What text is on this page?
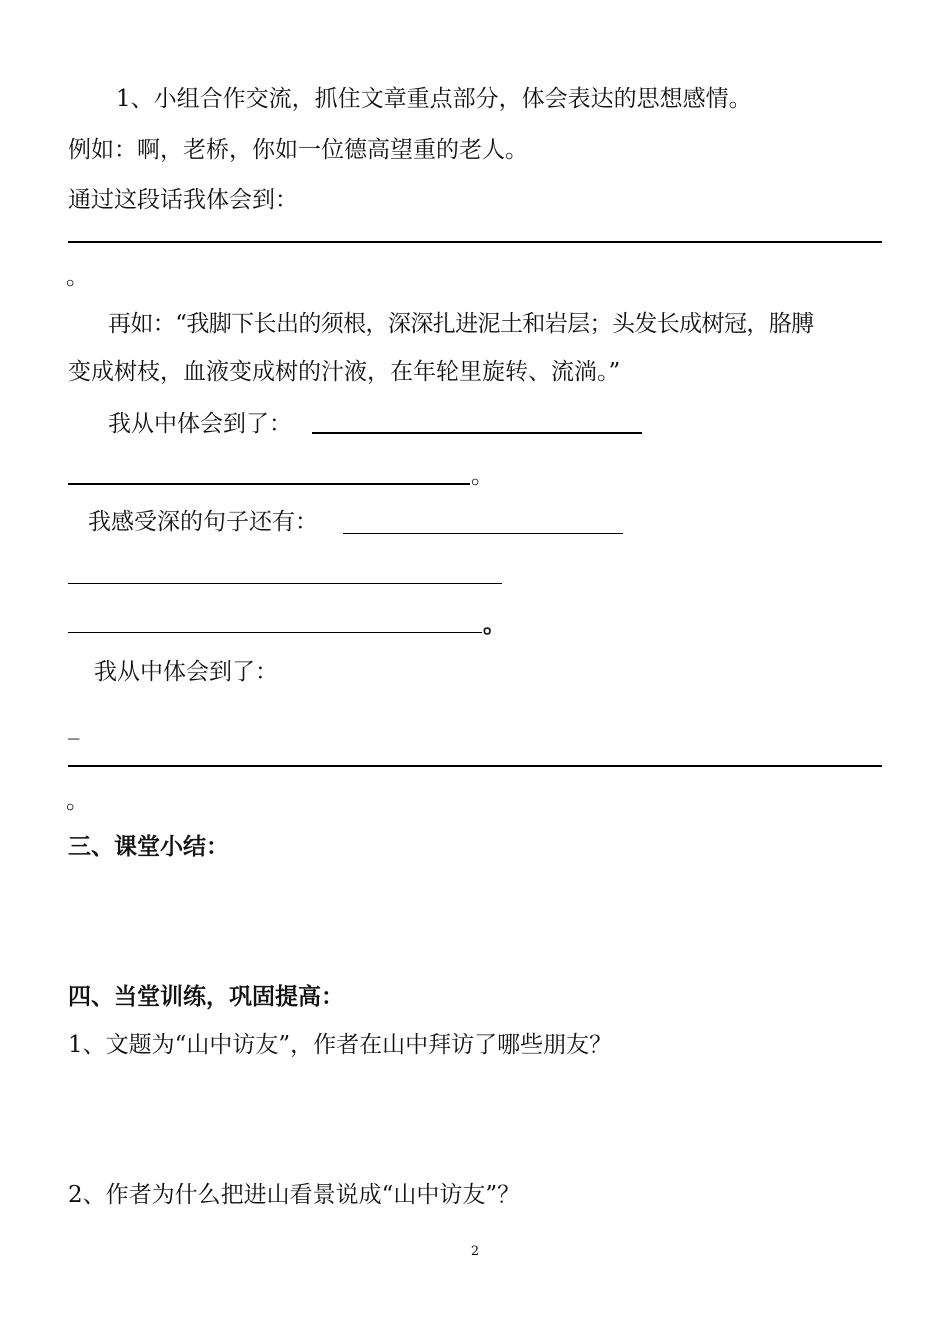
1、小组合作交流，抓住文章重点部分，体会表达的思想感情。
例如：啊，老桥，你如一位德高望重的老人。
通过这段话我体会到：
。
再如：“我脚下长出的须根，深深扎进泥土和岩层；头发长成树冠，胳膊
变成树枝，血液变成树的汁液，在年轮里旋转、流淌。”
我从中体会到了：
。
我感受深的句子还有：
。
我从中体会到了：
_
。
三、课堂小结：
四、当堂训练，巩固提高：
1、文题为“山中访友”，作者在山中拜访了哪些朋友？
2、作者为什么把进山看景说成“山中访友”？
2
